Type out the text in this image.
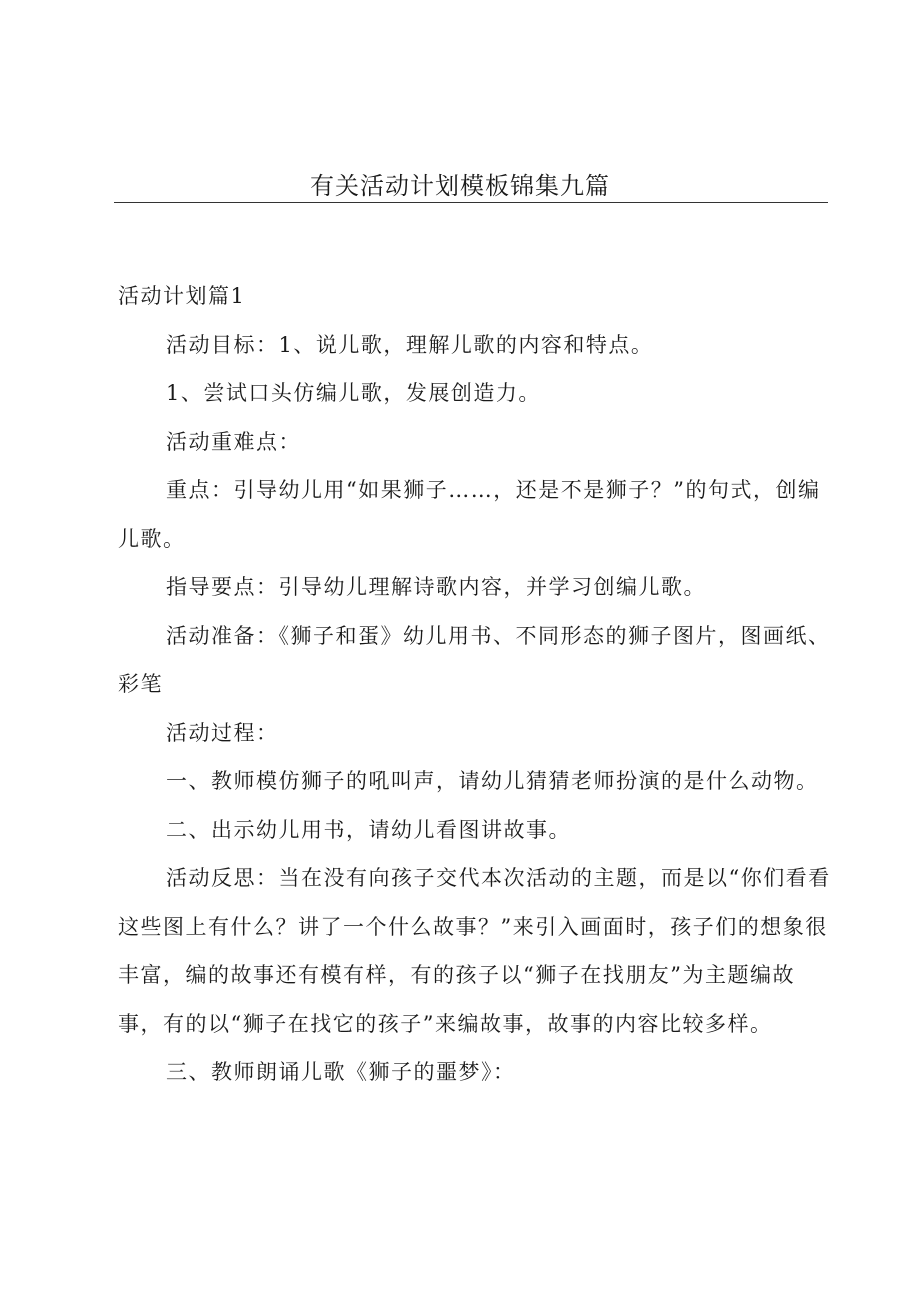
有关活动计划模板锦集九篇

活动计划篇1

活动目标：1、说儿歌，理解儿歌的内容和特点。

1、尝试口头仿编儿歌，发展创造力。

活动重难点：

重点：引导幼儿用“如果狮子……，还是不是狮子？”的句式，创编儿歌。

指导要点：引导幼儿理解诗歌内容，并学习创编儿歌。

活动准备：《狮子和蛋》幼儿用书、不同形态的狮子图片，图画纸、彩笔

活动过程：

一、教师模仿狮子的吼叫声，请幼儿猜猜老师扮演的是什么动物。

二、出示幼儿用书，请幼儿看图讲故事。

活动反思：当在没有向孩子交代本次活动的主题，而是以“你们看看这些图上有什么？讲了一个什么故事？”来引入画面时，孩子们的想象很丰富，编的故事还有模有样，有的孩子以“狮子在找朋友”为主题编故事，有的以“狮子在找它的孩子”来编故事，故事的内容比较多样。

三、教师朗诵儿歌《狮子的噩梦》：
